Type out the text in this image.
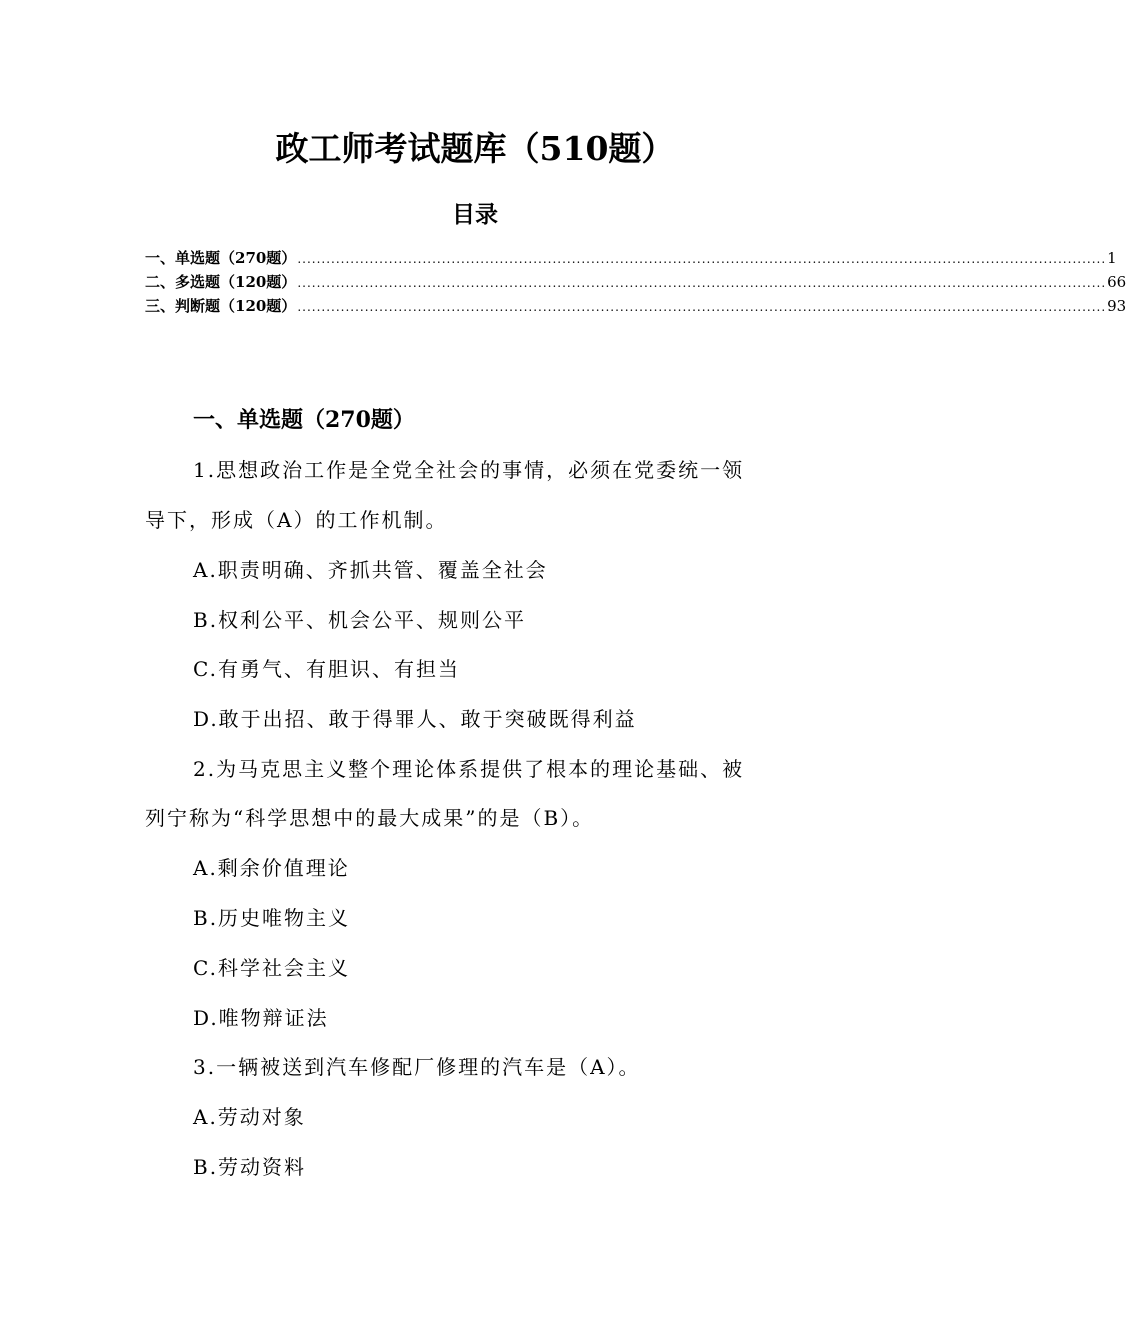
政工师考试题库（510题）
目录
一、单选题（270题） ........................................................................................................................................................................ 1
二、多选题（120题） ........................................................................................................................................................................ 66
三、判断题（120题） ........................................................................................................................................................................ 93
一、单选题（270题）
1.思想政治工作是全党全社会的事情，必须在党委统一领
导下，形成（A）的工作机制。
A.职责明确、齐抓共管、覆盖全社会
B.权利公平、机会公平、规则公平
C.有勇气、有胆识、有担当
D.敢于出招、敢于得罪人、敢于突破既得利益
2.为马克思主义整个理论体系提供了根本的理论基础、被
列宁称为“科学思想中的最大成果”的是（B）。
A.剩余价值理论
B.历史唯物主义
C.科学社会主义
D.唯物辩证法
3.一辆被送到汽车修配厂修理的汽车是（A）。
A.劳动对象
B.劳动资料
